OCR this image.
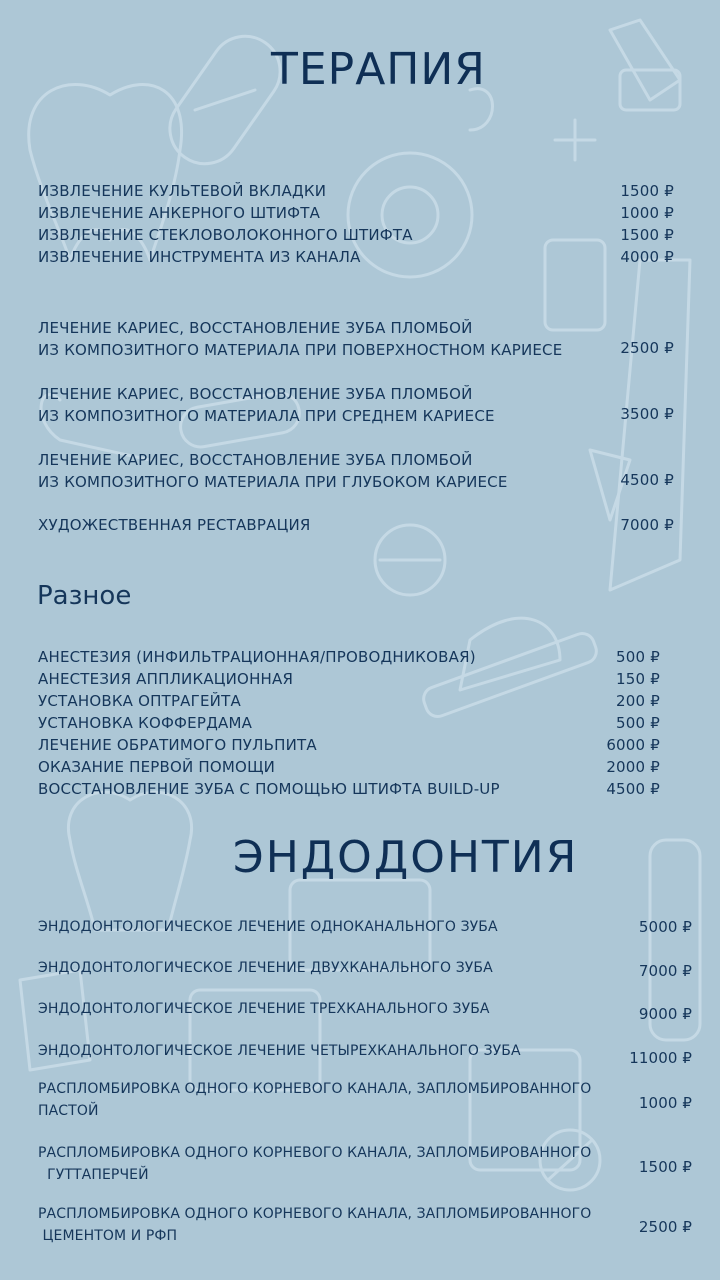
ТЕРАПИЯ
ИЗВЛЕЧЕНИЕ КУЛЬТЕВОЙ ВКЛАДКИ	1500 ₽
ИЗВЛЕЧЕНИЕ АНКЕРНОГО ШТИФТА	1000 ₽
ИЗВЛЕЧЕНИЕ СТЕКЛОВОЛОКОННОГО ШТИФТА	1500 ₽
ИЗВЛЕЧЕНИЕ ИНСТРУМЕНТА ИЗ КАНАЛА	4000 ₽
ЛЕЧЕНИЕ КАРИЕС, ВОССТАНОВЛЕНИЕ ЗУБА ПЛОМБОЙ
ИЗ КОМПОЗИТНОГО МАТЕРИАЛА ПРИ ПОВЕРХНОСТНОМ КАРИЕСЕ	2500 ₽
ЛЕЧЕНИЕ КАРИЕС, ВОССТАНОВЛЕНИЕ ЗУБА ПЛОМБОЙ
ИЗ КОМПОЗИТНОГО МАТЕРИАЛА ПРИ СРЕДНЕМ КАРИЕСЕ	3500 ₽
ЛЕЧЕНИЕ КАРИЕС, ВОССТАНОВЛЕНИЕ ЗУБА ПЛОМБОЙ
ИЗ КОМПОЗИТНОГО МАТЕРИАЛА ПРИ ГЛУБОКОМ КАРИЕСЕ	4500 ₽
ХУДОЖЕСТВЕННАЯ РЕСТАВРАЦИЯ	7000 ₽
Разное
АНЕСТЕЗИЯ (ИНФИЛЬТРАЦИОННАЯ/ПРОВОДНИКОВАЯ)	500 ₽
АНЕСТЕЗИЯ АППЛИКАЦИОННАЯ	150 ₽
УСТАНОВКА ОПТРАГЕЙТА	200 ₽
УСТАНОВКА КОФФЕРДАМА	500 ₽
ЛЕЧЕНИЕ ОБРАТИМОГО ПУЛЬПИТА	6000 ₽
ОКАЗАНИЕ ПЕРВОЙ ПОМОЩИ	2000 ₽
ВОССТАНОВЛЕНИЕ ЗУБА С ПОМОЩЬЮ ШТИФТА BUILD-UP	4500 ₽
ЭНДОДОНТИЯ
ЭНДОДОНТОЛОГИЧЕСКОЕ ЛЕЧЕНИЕ ОДНОКАНАЛЬНОГО ЗУБА	5000 ₽
ЭНДОДОНТОЛОГИЧЕСКОЕ ЛЕЧЕНИЕ ДВУХКАНАЛЬНОГО ЗУБА	7000 ₽
ЭНДОДОНТОЛОГИЧЕСКОЕ ЛЕЧЕНИЕ ТРЕХКАНАЛЬНОГО ЗУБА	9000 ₽
ЭНДОДОНТОЛОГИЧЕСКОЕ ЛЕЧЕНИЕ ЧЕТЫРЕХКАНАЛЬНОГО ЗУБА	11000 ₽
РАСПЛОМБИРОВКА ОДНОГО КОРНЕВОГО КАНАЛА, ЗАПЛОМБИРОВАННОГО
ПАСТОЙ	1000 ₽
РАСПЛОМБИРОВКА ОДНОГО КОРНЕВОГО КАНАЛА, ЗАПЛОМБИРОВАННОГО
ГУТТАПЕРЧЕЙ	1500 ₽
РАСПЛОМБИРОВКА ОДНОГО КОРНЕВОГО КАНАЛА, ЗАПЛОМБИРОВАННОГО
ЦЕМЕНТОМ И РФП	2500 ₽
